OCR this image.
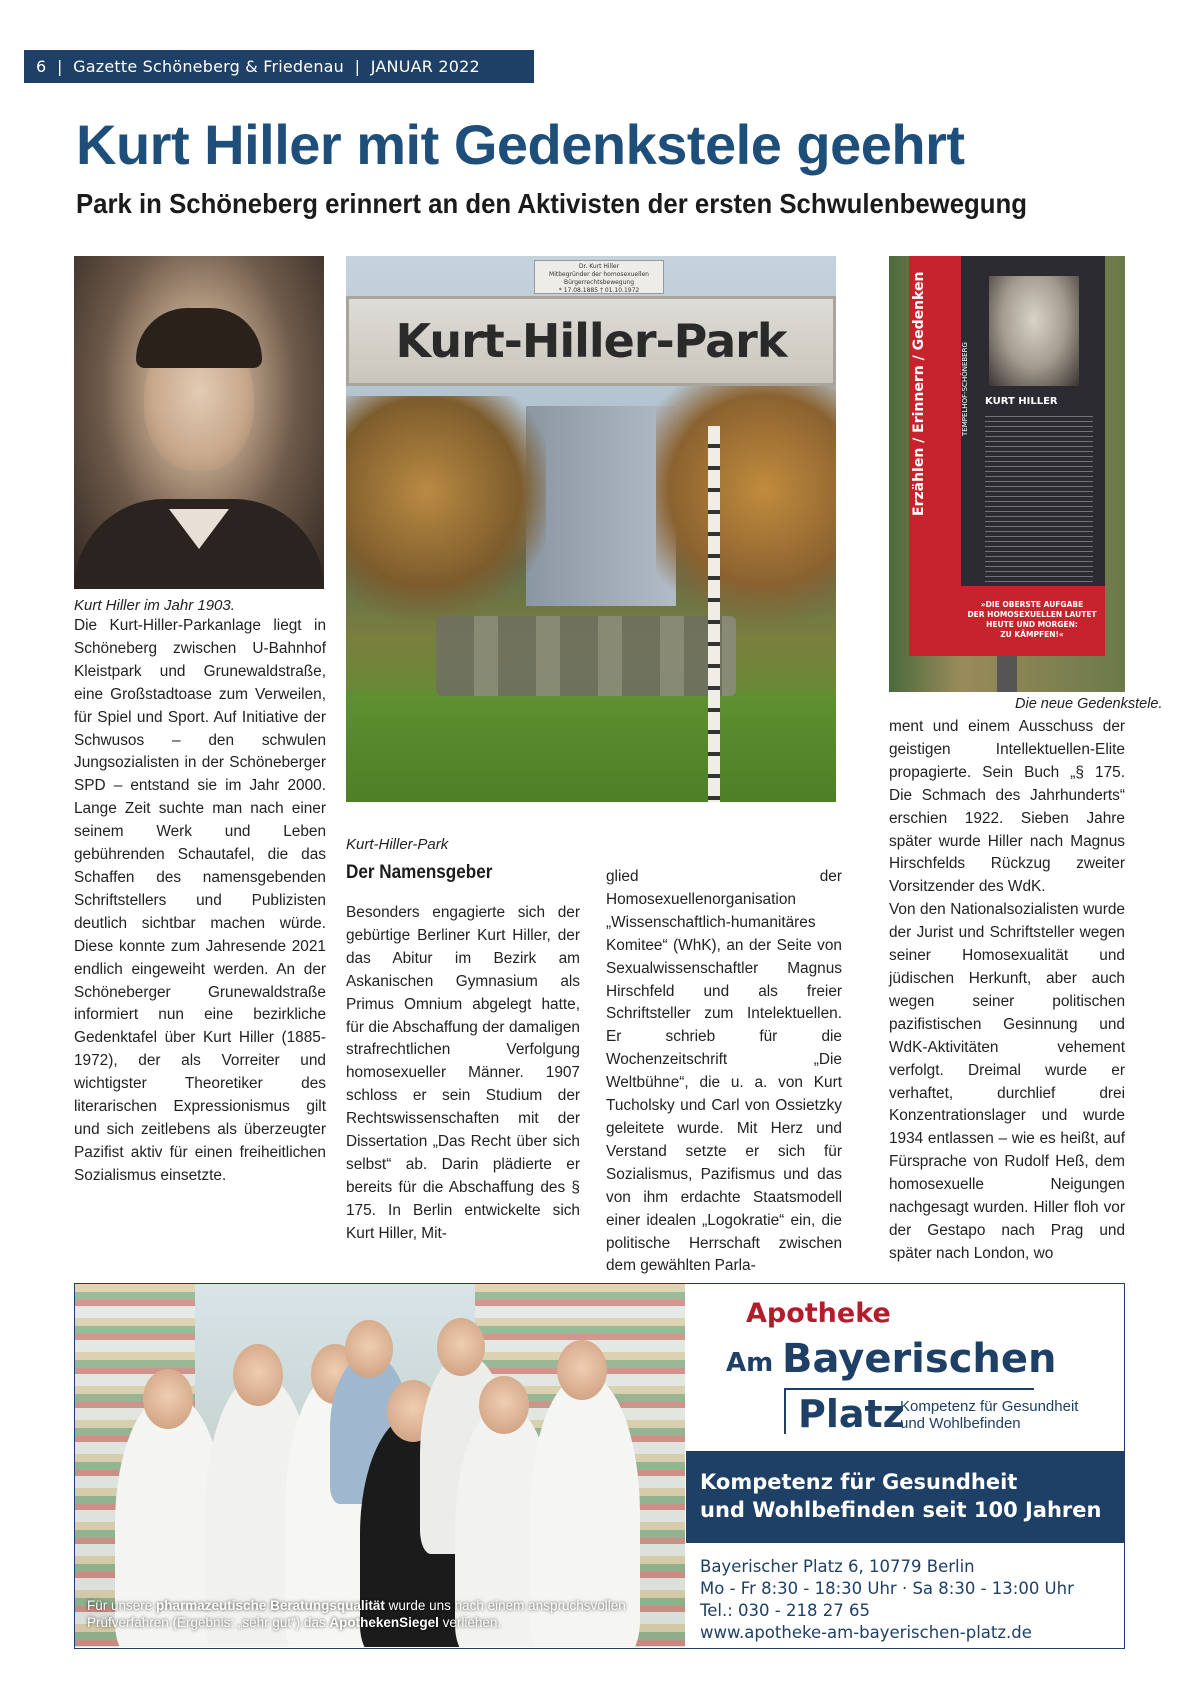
6  |  Gazette Schöneberg & Friedenau  |  JANUAR 2022
Kurt Hiller mit Gedenkstele geehrt
Park in Schöneberg erinnert an den Aktivisten der ersten Schwulenbewegung
Kurt Hiller im Jahr 1903.
Kurt-Hiller-Park
Dr. Kurt Hiller
Mitbegründer der homosexuellen
Bürgerrechtsbewegung
* 17.08.1885 † 01.10.1972
Kurt-Hiller-Park
TEMPELHOF-SCHÖNEBERG KURT HILLER
»DIE OBERSTE AUFGABE
DER HOMOSEXUELLEN LAUTET
HEUTE UND MORGEN:
ZU KÄMPFEN!«
Die neue Gedenkstele.

Die Kurt-Hiller-Parkanlage liegt in Schöneberg zwischen U-Bahnhof Kleistpark und Grunewaldstraße, eine Großstadtoase zum Verweilen, für Spiel und Sport. Auf Initiative der Schwusos – den schwulen Jungsozialisten in der Schöneberger SPD – entstand sie im Jahr 2000. Lange Zeit suchte man nach einer seinem Werk und Leben gebührenden Schautafel, die das Schaffen des namensgebenden Schriftstellers und Publizisten deutlich sichtbar machen würde. Diese konnte zum Jahresende 2021 endlich eingeweiht werden. An der Schöneberger Grunewaldstraße informiert nun eine bezirkliche Gedenktafel über Kurt Hiller (1885-1972), der als Vorreiter und wichtigster Theoretiker des literarischen Expressionismus gilt und sich zeitlebens als überzeugter Pazifist aktiv für einen freiheitlichen Sozialismus einsetzte.

Der Namensgeber

Besonders engagierte sich der gebürtige Berliner Kurt Hiller, der das Abitur im Bezirk am Askanischen Gymnasium als Primus Omnium abgelegt hatte, für die Abschaffung der damaligen strafrechtlichen Verfolgung homosexueller Männer. 1907 schloss er sein Studium der Rechtswissenschaften mit der Dissertation „Das Recht über sich selbst“ ab. Darin plädierte er bereits für die Abschaffung des § 175. In Berlin entwickelte sich Kurt Hiller, Mit-

glied der Homosexuellenorganisation „Wissenschaftlich-humanitäres Komitee“ (WhK), an der Seite von Sexualwissenschaftler Magnus Hirschfeld und als freier Schriftsteller zum Intelektuellen. Er schrieb für die Wochenzeitschrift „Die Weltbühne“, die u. a. von Kurt Tucholsky und Carl von Ossietzky geleitete wurde. Mit Herz und Verstand setzte er sich für Sozialismus, Pazifismus und das von ihm erdachte Staatsmodell einer idealen „Logokratie“ ein, die politische Herrschaft zwischen dem gewählten Parla-

ment und einem Ausschuss der geistigen Intellektuellen-Elite propagierte. Sein Buch „§ 175. Die Schmach des Jahrhunderts“ erschien 1922. Sieben Jahre später wurde Hiller nach Magnus Hirschfelds Rückzug zweiter Vorsitzender des WdK.
Von den Nationalsozialisten wurde der Jurist und Schriftsteller wegen seiner Homosexualität und jüdischen Herkunft, aber auch wegen seiner politischen pazifistischen Gesinnung und WdK-Aktivitäten vehement verfolgt. Dreimal wurde er verhaftet, durchlief drei Konzentrationslager und wurde 1934 entlassen – wie es heißt, auf Fürsprache von Rudolf Heß, dem homosexuelle Neigungen nachgesagt wurden. Hiller floh vor der Gestapo nach Prag und später nach London, wo

Für unsere pharmazeutische Beratungsqualität wurde uns nach einem anspruchsvollen Prüfverfahren (Ergebnis: „sehr gut“) das ApothekenSiegel verliehen.
Apotheke
Am Bayerischen
Platz
Kompetenz für Gesundheit
und Wohlbefinden
Kompetenz für Gesundheit
und Wohlbefinden seit 100 Jahren
Bayerischer Platz 6, 10779 Berlin
Mo - Fr 8:30 - 18:30 Uhr · Sa 8:30 - 13:00 Uhr
Tel.: 030 - 218 27 65
www.apotheke-am-bayerischen-platz.de
